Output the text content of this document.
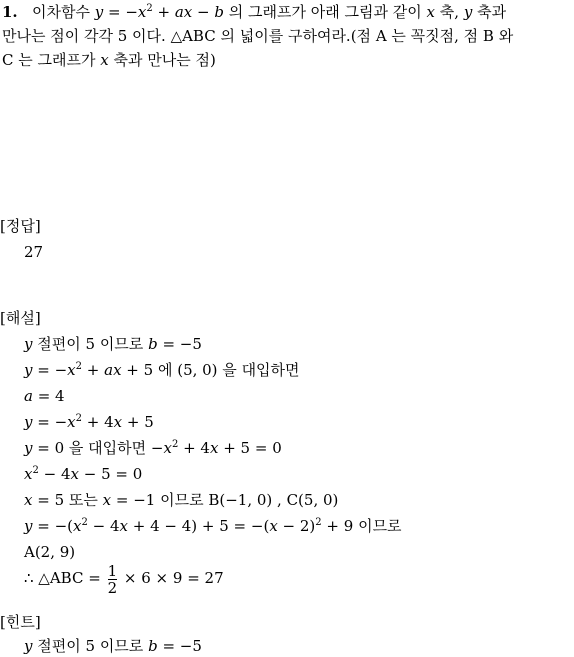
1. 이차함수 $y = -x^2$ + ax − b 의 그래프가 아래 그림과 같이 x 축, y 축과
만나는 점이 각각 5 이다. △ABC 의 넓이를 구하여라.(점 A 는 꼭짓점, 점 B 와
C 는 그래프가 x 축과 만나는 점)
[정답]
27
[해설]
y 절편이 5 이므로 b = −5
$y = -x^2$ + ax + 5 에 (5, 0) 을 대입하면
a = 4
$y = -x^2 + 4x + 5$
y = 0 을 대입하면 $-x^2 + 4x + 5 = 0$
$x^2 - 4x - 5 = 0$
x = 5 또는 x = −1 이므로 B(−1, 0) , C(5, 0)
$y = -(x^2 - 4x + 4 - 4) + 5 = -(x - 2)^2 + 9$ 이므로
A(2, 9)
∴ △ABC = $\frac{1}{2} \times 6 \times 9 = 27$
[힌트]
y 절편이 5 이므로 b = −5
